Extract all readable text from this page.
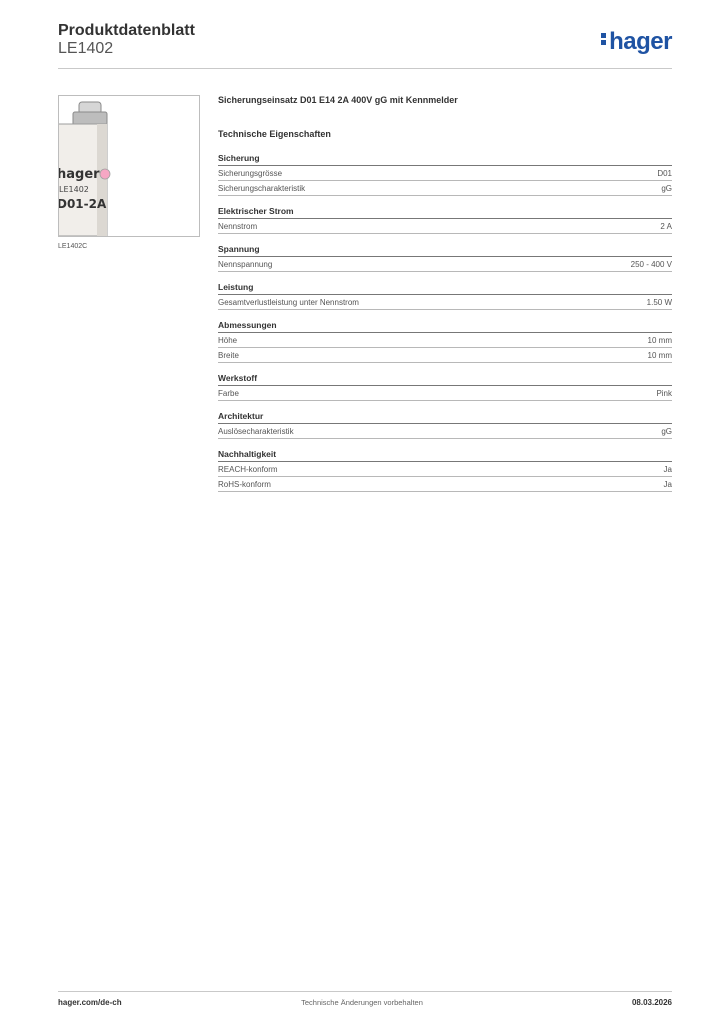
Produktdatenblatt
LE1402	hager
hager
LE1402
D01-2A
LE1402C
Sicherungseinsatz D01 E14 2A 400V gG mit Kennmelder
Technische Eigenschaften
Sicherung
Sicherungsgrösse	D01
Sicherungscharakteristik	gG
Elektrischer Strom
Nennstrom	2 A
Spannung
Nennspannung	250 - 400 V
Leistung
Gesamtverlustleistung unter Nennstrom	1.50 W
Abmessungen
Höhe	10 mm
Breite	10 mm
Werkstoff
Farbe	Pink
Architektur
Auslösecharakteristik	gG
Nachhaltigkeit
REACH-konform	Ja
RoHS-konform	Ja
hager.com/de-ch	Technische Änderungen vorbehalten	08.03.2026
